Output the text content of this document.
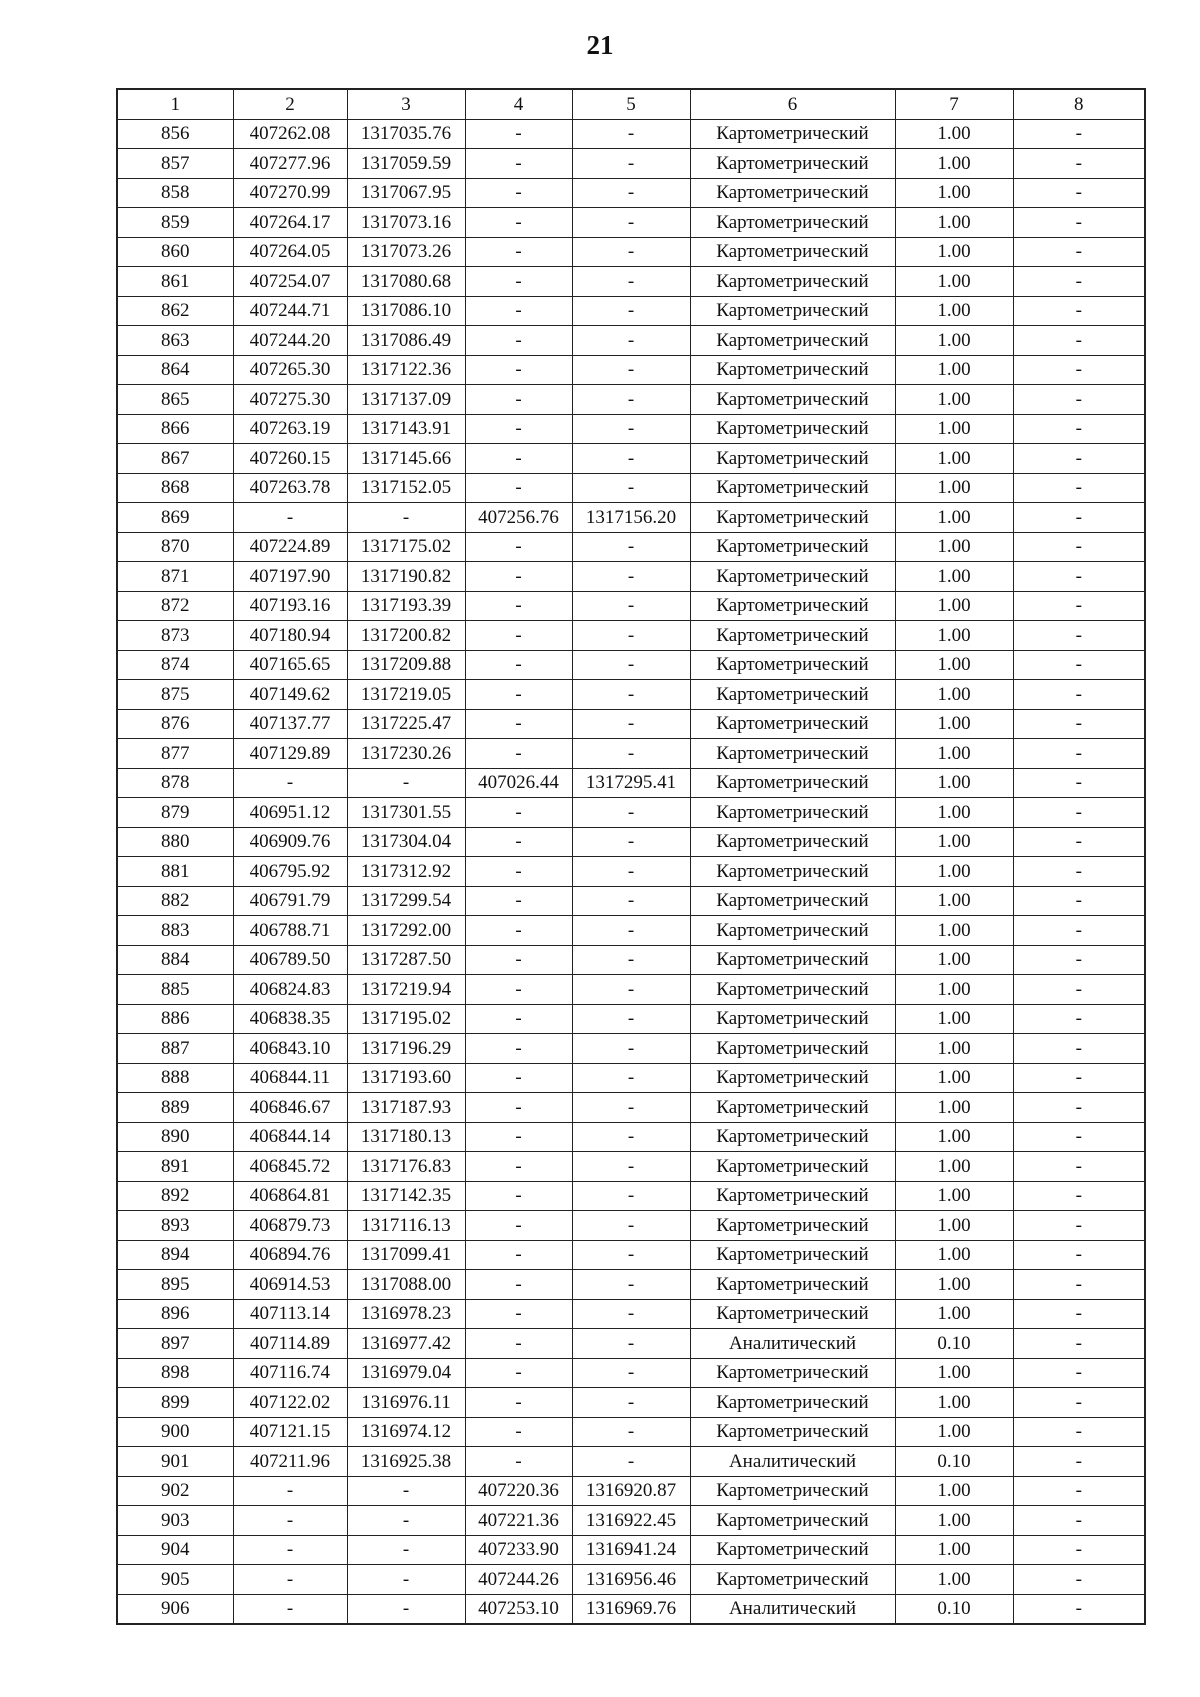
21
1	2	3	4	5	6	7	8
856	407262.08	1317035.76	-	-	Картометрический	1.00	-
857	407277.96	1317059.59	-	-	Картометрический	1.00	-
858	407270.99	1317067.95	-	-	Картометрический	1.00	-
859	407264.17	1317073.16	-	-	Картометрический	1.00	-
860	407264.05	1317073.26	-	-	Картометрический	1.00	-
861	407254.07	1317080.68	-	-	Картометрический	1.00	-
862	407244.71	1317086.10	-	-	Картометрический	1.00	-
863	407244.20	1317086.49	-	-	Картометрический	1.00	-
864	407265.30	1317122.36	-	-	Картометрический	1.00	-
865	407275.30	1317137.09	-	-	Картометрический	1.00	-
866	407263.19	1317143.91	-	-	Картометрический	1.00	-
867	407260.15	1317145.66	-	-	Картометрический	1.00	-
868	407263.78	1317152.05	-	-	Картометрический	1.00	-
869	-	-	407256.76	1317156.20	Картометрический	1.00	-
870	407224.89	1317175.02	-	-	Картометрический	1.00	-
871	407197.90	1317190.82	-	-	Картометрический	1.00	-
872	407193.16	1317193.39	-	-	Картометрический	1.00	-
873	407180.94	1317200.82	-	-	Картометрический	1.00	-
874	407165.65	1317209.88	-	-	Картометрический	1.00	-
875	407149.62	1317219.05	-	-	Картометрический	1.00	-
876	407137.77	1317225.47	-	-	Картометрический	1.00	-
877	407129.89	1317230.26	-	-	Картометрический	1.00	-
878	-	-	407026.44	1317295.41	Картометрический	1.00	-
879	406951.12	1317301.55	-	-	Картометрический	1.00	-
880	406909.76	1317304.04	-	-	Картометрический	1.00	-
881	406795.92	1317312.92	-	-	Картометрический	1.00	-
882	406791.79	1317299.54	-	-	Картометрический	1.00	-
883	406788.71	1317292.00	-	-	Картометрический	1.00	-
884	406789.50	1317287.50	-	-	Картометрический	1.00	-
885	406824.83	1317219.94	-	-	Картометрический	1.00	-
886	406838.35	1317195.02	-	-	Картометрический	1.00	-
887	406843.10	1317196.29	-	-	Картометрический	1.00	-
888	406844.11	1317193.60	-	-	Картометрический	1.00	-
889	406846.67	1317187.93	-	-	Картометрический	1.00	-
890	406844.14	1317180.13	-	-	Картометрический	1.00	-
891	406845.72	1317176.83	-	-	Картометрический	1.00	-
892	406864.81	1317142.35	-	-	Картометрический	1.00	-
893	406879.73	1317116.13	-	-	Картометрический	1.00	-
894	406894.76	1317099.41	-	-	Картометрический	1.00	-
895	406914.53	1317088.00	-	-	Картометрический	1.00	-
896	407113.14	1316978.23	-	-	Картометрический	1.00	-
897	407114.89	1316977.42	-	-	Аналитический	0.10	-
898	407116.74	1316979.04	-	-	Картометрический	1.00	-
899	407122.02	1316976.11	-	-	Картометрический	1.00	-
900	407121.15	1316974.12	-	-	Картометрический	1.00	-
901	407211.96	1316925.38	-	-	Аналитический	0.10	-
902	-	-	407220.36	1316920.87	Картометрический	1.00	-
903	-	-	407221.36	1316922.45	Картометрический	1.00	-
904	-	-	407233.90	1316941.24	Картометрический	1.00	-
905	-	-	407244.26	1316956.46	Картометрический	1.00	-
906	-	-	407253.10	1316969.76	Аналитический	0.10	-
